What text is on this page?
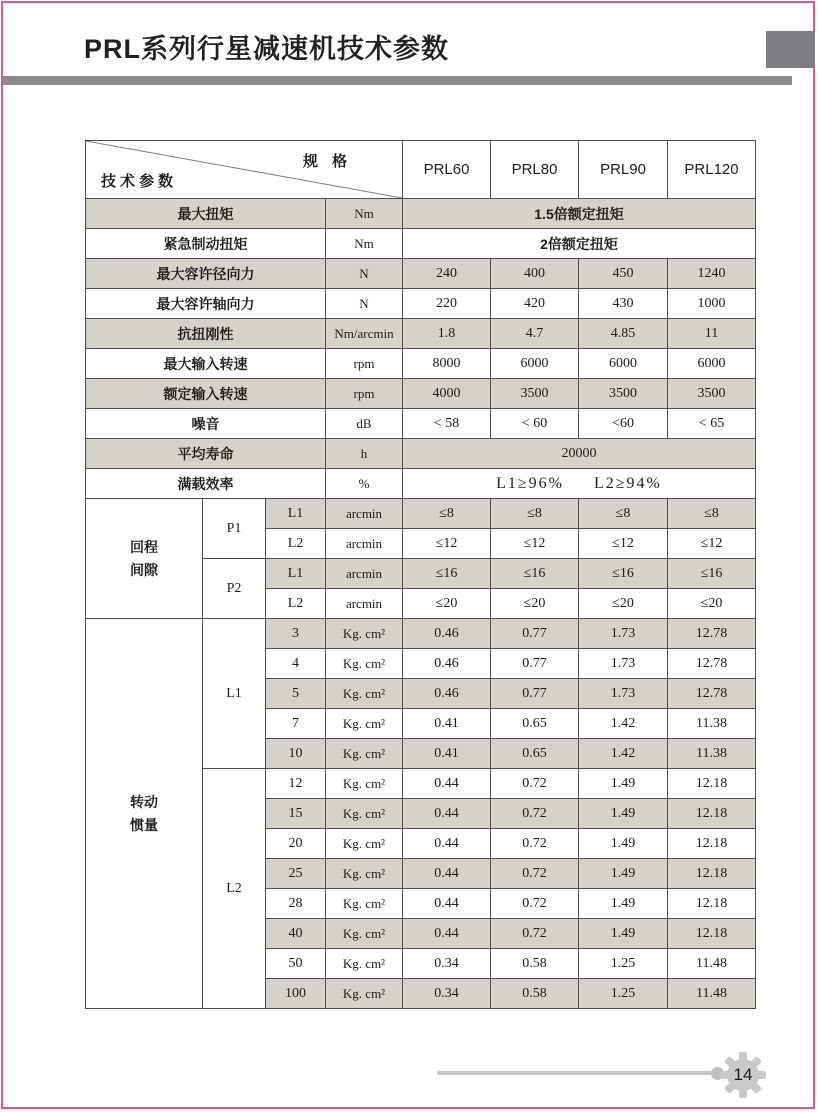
PRL系列行星减速机技术参数
规 格
技术参数				PRL60	PRL80	PRL90	PRL120
最大扭矩			Nm	1.5倍额定扭矩			
紧急制动扭矩			Nm	2倍额定扭矩			
最大容许径向力			N	240	400	450	1240
最大容许轴向力			N	220	420	430	1000
抗扭刚性			Nm/arcmin	1.8	4.7	4.85	11
最大输入转速			rpm	8000	6000	6000	6000
额定输入转速			rpm	4000	3500	3500	3500
噪音			dB	< 58	< 60	<60	< 65
平均寿命			h	20000			
满载效率			%	L1≥96% L2≥94%			

回程
间隙	P1	L1	arcmin	≤8	≤8	≤8	≤8
		L2	arcmin	≤12	≤12	≤12	≤12
	P2	L1	arcmin	≤16	≤16	≤16	≤16
		L2	arcmin	≤20	≤20	≤20	≤20

转动
惯量	L1	3	Kg. cm²	0.46	0.77	1.73	12.78
		4	Kg. cm²	0.46	0.77	1.73	12.78
		5	Kg. cm²	0.46	0.77	1.73	12.78
		7	Kg. cm²	0.41	0.65	1.42	11.38
		10	Kg. cm²	0.41	0.65	1.42	11.38
	L2	12	Kg. cm²	0.44	0.72	1.49	12.18
		15	Kg. cm²	0.44	0.72	1.49	12.18
		20	Kg. cm²	0.44	0.72	1.49	12.18
		25	Kg. cm²	0.44	0.72	1.49	12.18
		28	Kg. cm²	0.44	0.72	1.49	12.18
		40	Kg. cm²	0.44	0.72	1.49	12.18
		50	Kg. cm²	0.34	0.58	1.25	11.48
		100	Kg. cm²	0.34	0.58	1.25	11.48
14
